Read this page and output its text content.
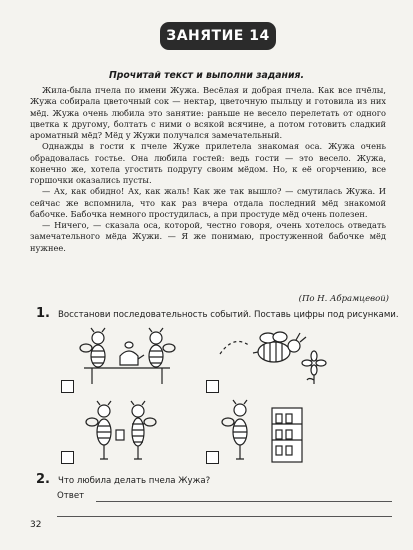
ЗАНЯТИЕ 14
Прочитай текст и выполни задания.

Жила-была пчела по имени Жужа. Весёлая и добрая пчела. Как все пчёлы, Жужа собирала цветочный сок — нектар, цветочную пыльцу и готовила из них мёд. Жужа очень любила это занятие: раньше не весело перелетать от одного цветка к другому, болтать с ними о всякой всячине, а потом готовить сладкий ароматный мёд? Мёд у Жужи получался замечательный.

Однажды в гости к пчеле Жуже прилетела знакомая оса. Жужа очень обрадовалась гостье. Она любила гостей: ведь гости — это весело. Жужа, конечно же, хотела угостить подругу своим мёдом. Но, к её огорчению, все горшочки оказались пусты.

— Ах, как обидно! Ах, как жаль! Как же так вышло? — смутилась Жужа. И сейчас же вспомнила, что как раз вчера отдала последний мёд знакомой бабочке. Бабочка немного простудилась, а при простуде мёд очень полезен.

— Ничего, — сказала оса, которой, честно говоря, очень хотелось отведать замечательного мёда Жужи. — Я же понимаю, простуженной бабочке мёд нужнее.

(По Н. Абрамцевой)
1. Восстанови последовательность событий. Поставь цифры под рисунками.
2. Что любила делать пчела Жужа?
Ответ
32
